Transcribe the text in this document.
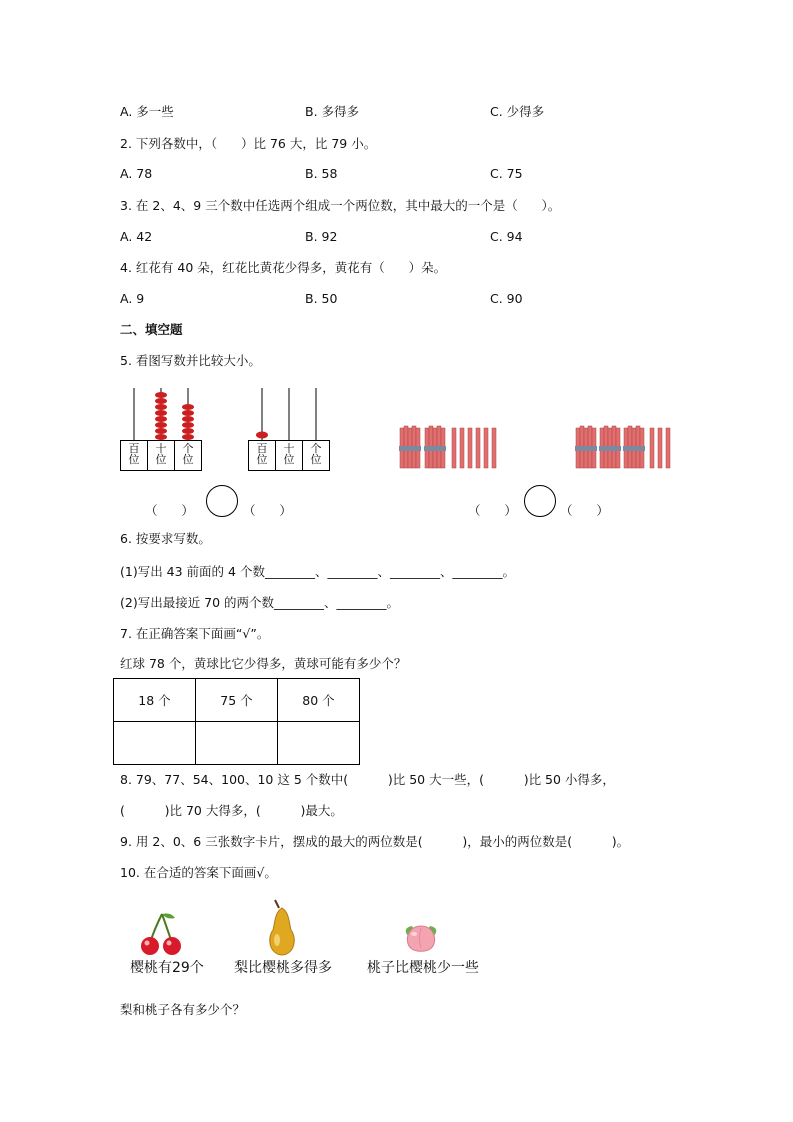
A. 多一些	B. 多得多	C. 少得多
2. 下列各数中，（      ）比 76 大，比 79 小。
A. 78	B. 58	C. 75
3. 在 2、4、9 三个数中任选两个组成一个两位数，其中最大的一个是（      ）。
A. 42	B. 92	C. 94
4. 红花有 40 朵，红花比黄花少得多，黄花有（      ）朵。
A. 9	B. 50	C. 90
二、填空题
5. 看图写数并比较大小。
百位
十位
个位
百位
十位
个位
（      ）	（      ）	（      ）	（      ）
6. 按要求写数。
(1)写出 43 前面的 4 个数________、________、________、________。
(2)写出最接近 70 的两个数________、________。
7. 在正确答案下面画“√”。
红球 78 个，黄球比它少得多，黄球可能有多少个？
18 个	75 个	80 个

8. 79、77、54、100、10 这 5 个数中(          )比 50 大一些，(          )比 50 小得多，
(          )比 70 大得多，(          )最大。
9. 用 2、0、6 三张数字卡片，摆成的最大的两位数是(          )，最小的两位数是(          )。
10. 在合适的答案下面画√。
樱桃有29个 梨比樱桃多得多	桃子比樱桃少一些
梨和桃子各有多少个？
